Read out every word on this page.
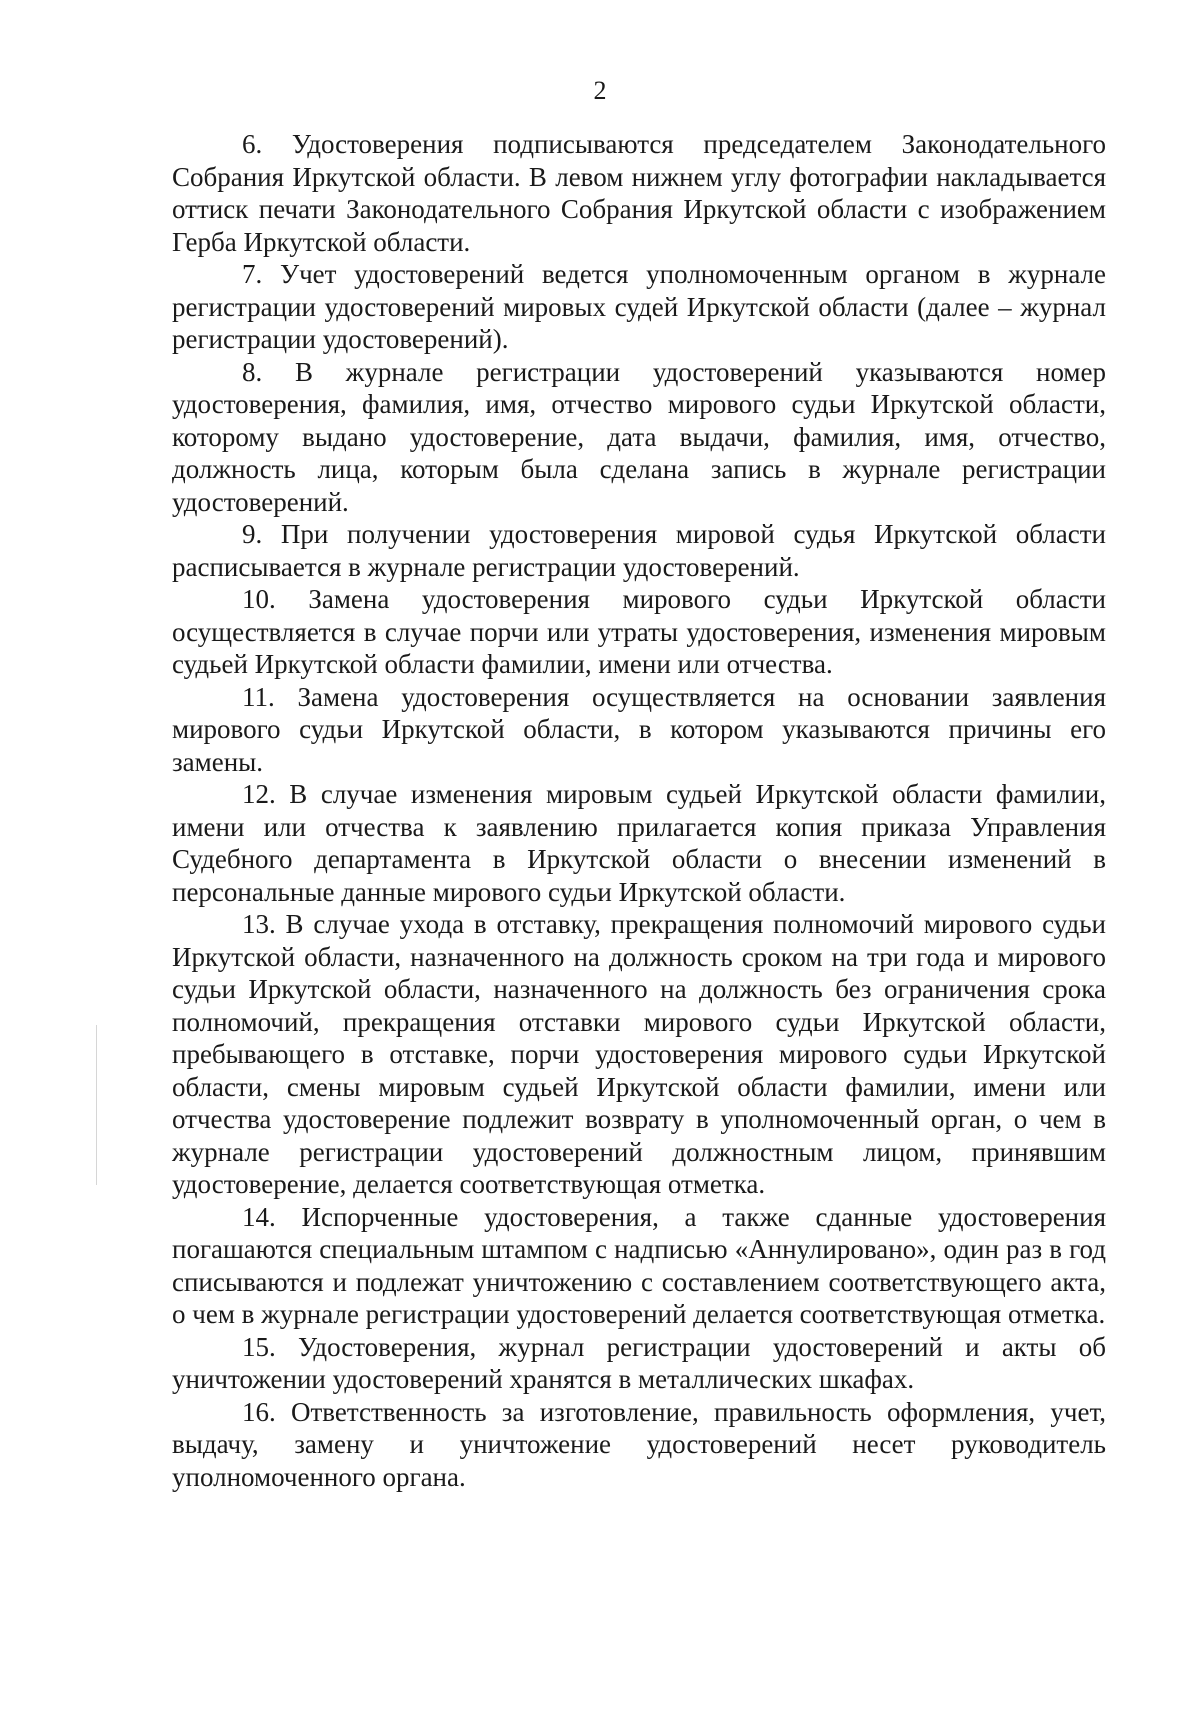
2

6. Удостоверения подписываются председателем Законодательного Собрания Иркутской области. В левом нижнем углу фотографии накладывается оттиск печати Законодательного Собрания Иркутской области с изображением Герба Иркутской области.

7. Учет удостоверений ведется уполномоченным органом в журнале регистрации удостоверений мировых судей Иркутской области (далее – журнал регистрации удостоверений).

8. В журнале регистрации удостоверений указываются номер удостоверения, фамилия, имя, отчество мирового судьи Иркутской области, которому выдано удостоверение, дата выдачи, фамилия, имя, отчество, должность лица, которым была сделана запись в журнале регистрации удостоверений.

9. При получении удостоверения мировой судья Иркутской области расписывается в журнале регистрации удостоверений.

10. Замена удостоверения мирового судьи Иркутской области осуществляется в случае порчи или утраты удостоверения, изменения мировым судьей Иркутской области фамилии, имени или отчества.

11. Замена удостоверения осуществляется на основании заявления мирового судьи Иркутской области, в котором указываются причины его замены.

12. В случае изменения мировым судьей Иркутской области фамилии, имени или отчества к заявлению прилагается копия приказа Управления Судебного департамента в Иркутской области о внесении изменений в персональные данные мирового судьи Иркутской области.

13. В случае ухода в отставку, прекращения полномочий мирового судьи Иркутской области, назначенного на должность сроком на три года и мирового судьи Иркутской области, назначенного на должность без ограничения срока полномочий, прекращения отставки мирового судьи Иркутской области, пребывающего в отставке, порчи удостоверения мирового судьи Иркутской области, смены мировым судьей Иркутской области фамилии, имени или отчества удостоверение подлежит возврату в уполномоченный орган, о чем в журнале регистрации удостоверений должностным лицом, принявшим удостоверение, делается соответствующая отметка.

14. Испорченные удостоверения, а также сданные удостоверения погашаются специальным штампом с надписью «Аннулировано», один раз в год списываются и подлежат уничтожению с составлением соответствующего акта, о чем в журнале регистрации удостоверений делается соответствующая отметка.

15. Удостоверения, журнал регистрации удостоверений и акты об уничтожении удостоверений хранятся в металлических шкафах.

16. Ответственность за изготовление, правильность оформления, учет, выдачу, замену и уничтожение удостоверений несет руководитель уполномоченного органа.
